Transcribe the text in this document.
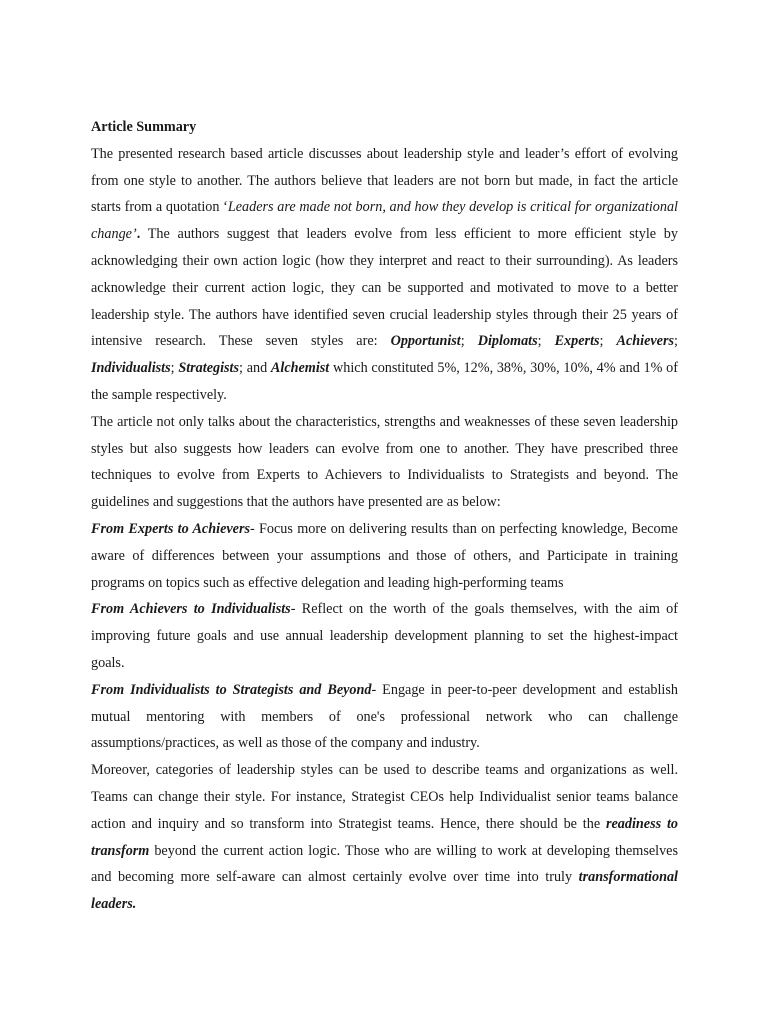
Article Summary

The presented research based article discusses about leadership style and leader’s effort of evolving from one style to another. The authors believe that leaders are not born but made, in fact the article starts from a quotation ‘Leaders are made not born, and how they develop is critical for organizational change’. The authors suggest that leaders evolve from less efficient to more efficient style by acknowledging their own action logic (how they interpret and react to their surrounding). As leaders acknowledge their current action logic, they can be supported and motivated to move to a better leadership style. The authors have identified seven crucial leadership styles through their 25 years of intensive research. These seven styles are: Opportunist; Diplomats; Experts; Achievers; Individualists; Strategists; and Alchemist which constituted 5%, 12%, 38%, 30%, 10%, 4% and 1% of the sample respectively.

The article not only talks about the characteristics, strengths and weaknesses of these seven leadership styles but also suggests how leaders can evolve from one to another. They have prescribed three techniques to evolve from Experts to Achievers to Individualists to Strategists and beyond. The guidelines and suggestions that the authors have presented are as below:

From Experts to Achievers- Focus more on delivering results than on perfecting knowledge, Become aware of differences between your assumptions and those of others, and Participate in training programs on topics such as effective delegation and leading high-performing teams

From Achievers to Individualists- Reflect on the worth of the goals themselves, with the aim of improving future goals and use annual leadership development planning to set the highest-impact goals.

From Individualists to Strategists and Beyond- Engage in peer-to-peer development and establish mutual mentoring with members of one's professional network who can challenge assumptions/practices, as well as those of the company and industry.

Moreover, categories of leadership styles can be used to describe teams and organizations as well. Teams can change their style. For instance, Strategist CEOs help Individualist senior teams balance action and inquiry and so transform into Strategist teams. Hence, there should be the readiness to transform beyond the current action logic. Those who are willing to work at developing themselves and becoming more self-aware can almost certainly evolve over time into truly transformational leaders.
